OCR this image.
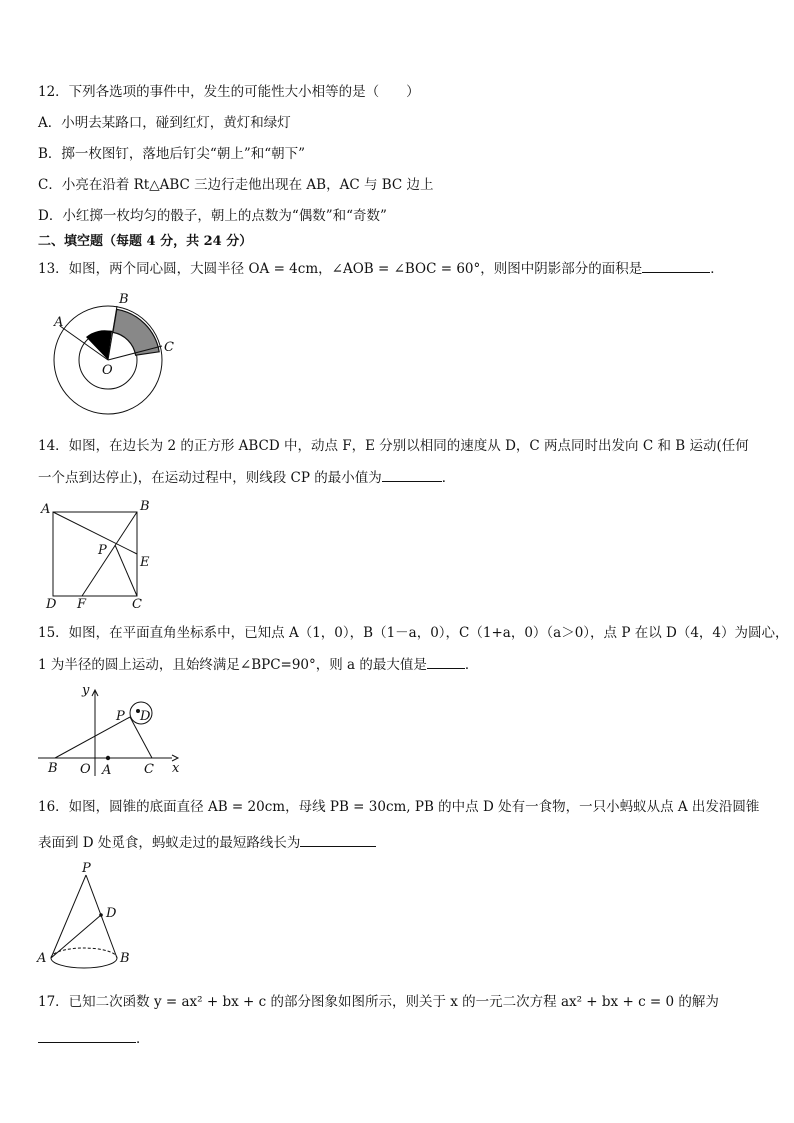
12．下列各选项的事件中，发生的可能性大小相等的是（　　）
A．小明去某路口，碰到红灯，黄灯和绿灯
B．掷一枚图钉，落地后钉尖“朝上”和“朝下”
C．小亮在沿着 Rt△ABC 三边行走他出现在 AB，AC 与 BC 边上
D．小红掷一枚均匀的骰子，朝上的点数为“偶数”和“奇数”
二、填空题（每题 4 分，共 24 分）
13．如图，两个同心圆，大圆半径 OA = 4cm，∠AOB = ∠BOC = 60°，则图中阴影部分的面积是	．
A
B
C
O
14．如图，在边长为 2 的正方形 ABCD 中，动点 F，E 分别以相同的速度从 D，C 两点同时出发向 C 和 B 运动(任何
一个点到达停止)，在运动过程中，则线段 CP 的最小值为	．
A	B
C
D
E
F
P
15．如图，在平面直角坐标系中，已知点 A（1，0），B（1－a，0），C（1+a，0）（a＞0），点 P 在以 D（4，4）为圆心，
1 为半径的圆上运动，且始终满足∠BPC=90°，则 a 的最大值是	．
x
y
O A
B	C
P D
16．如图，圆锥的底面直径 AB = 20cm，母线 PB = 30cm, PB 的中点 D 处有一食物，一只小蚂蚁从点 A 出发沿圆锥
表面到 D 处觅食，蚂蚁走过的最短路线长为
P
D
A	B
17．已知二次函数 y = ax² + bx + c 的部分图象如图所示，则关于 x 的一元二次方程 ax² + bx + c = 0 的解为
．
